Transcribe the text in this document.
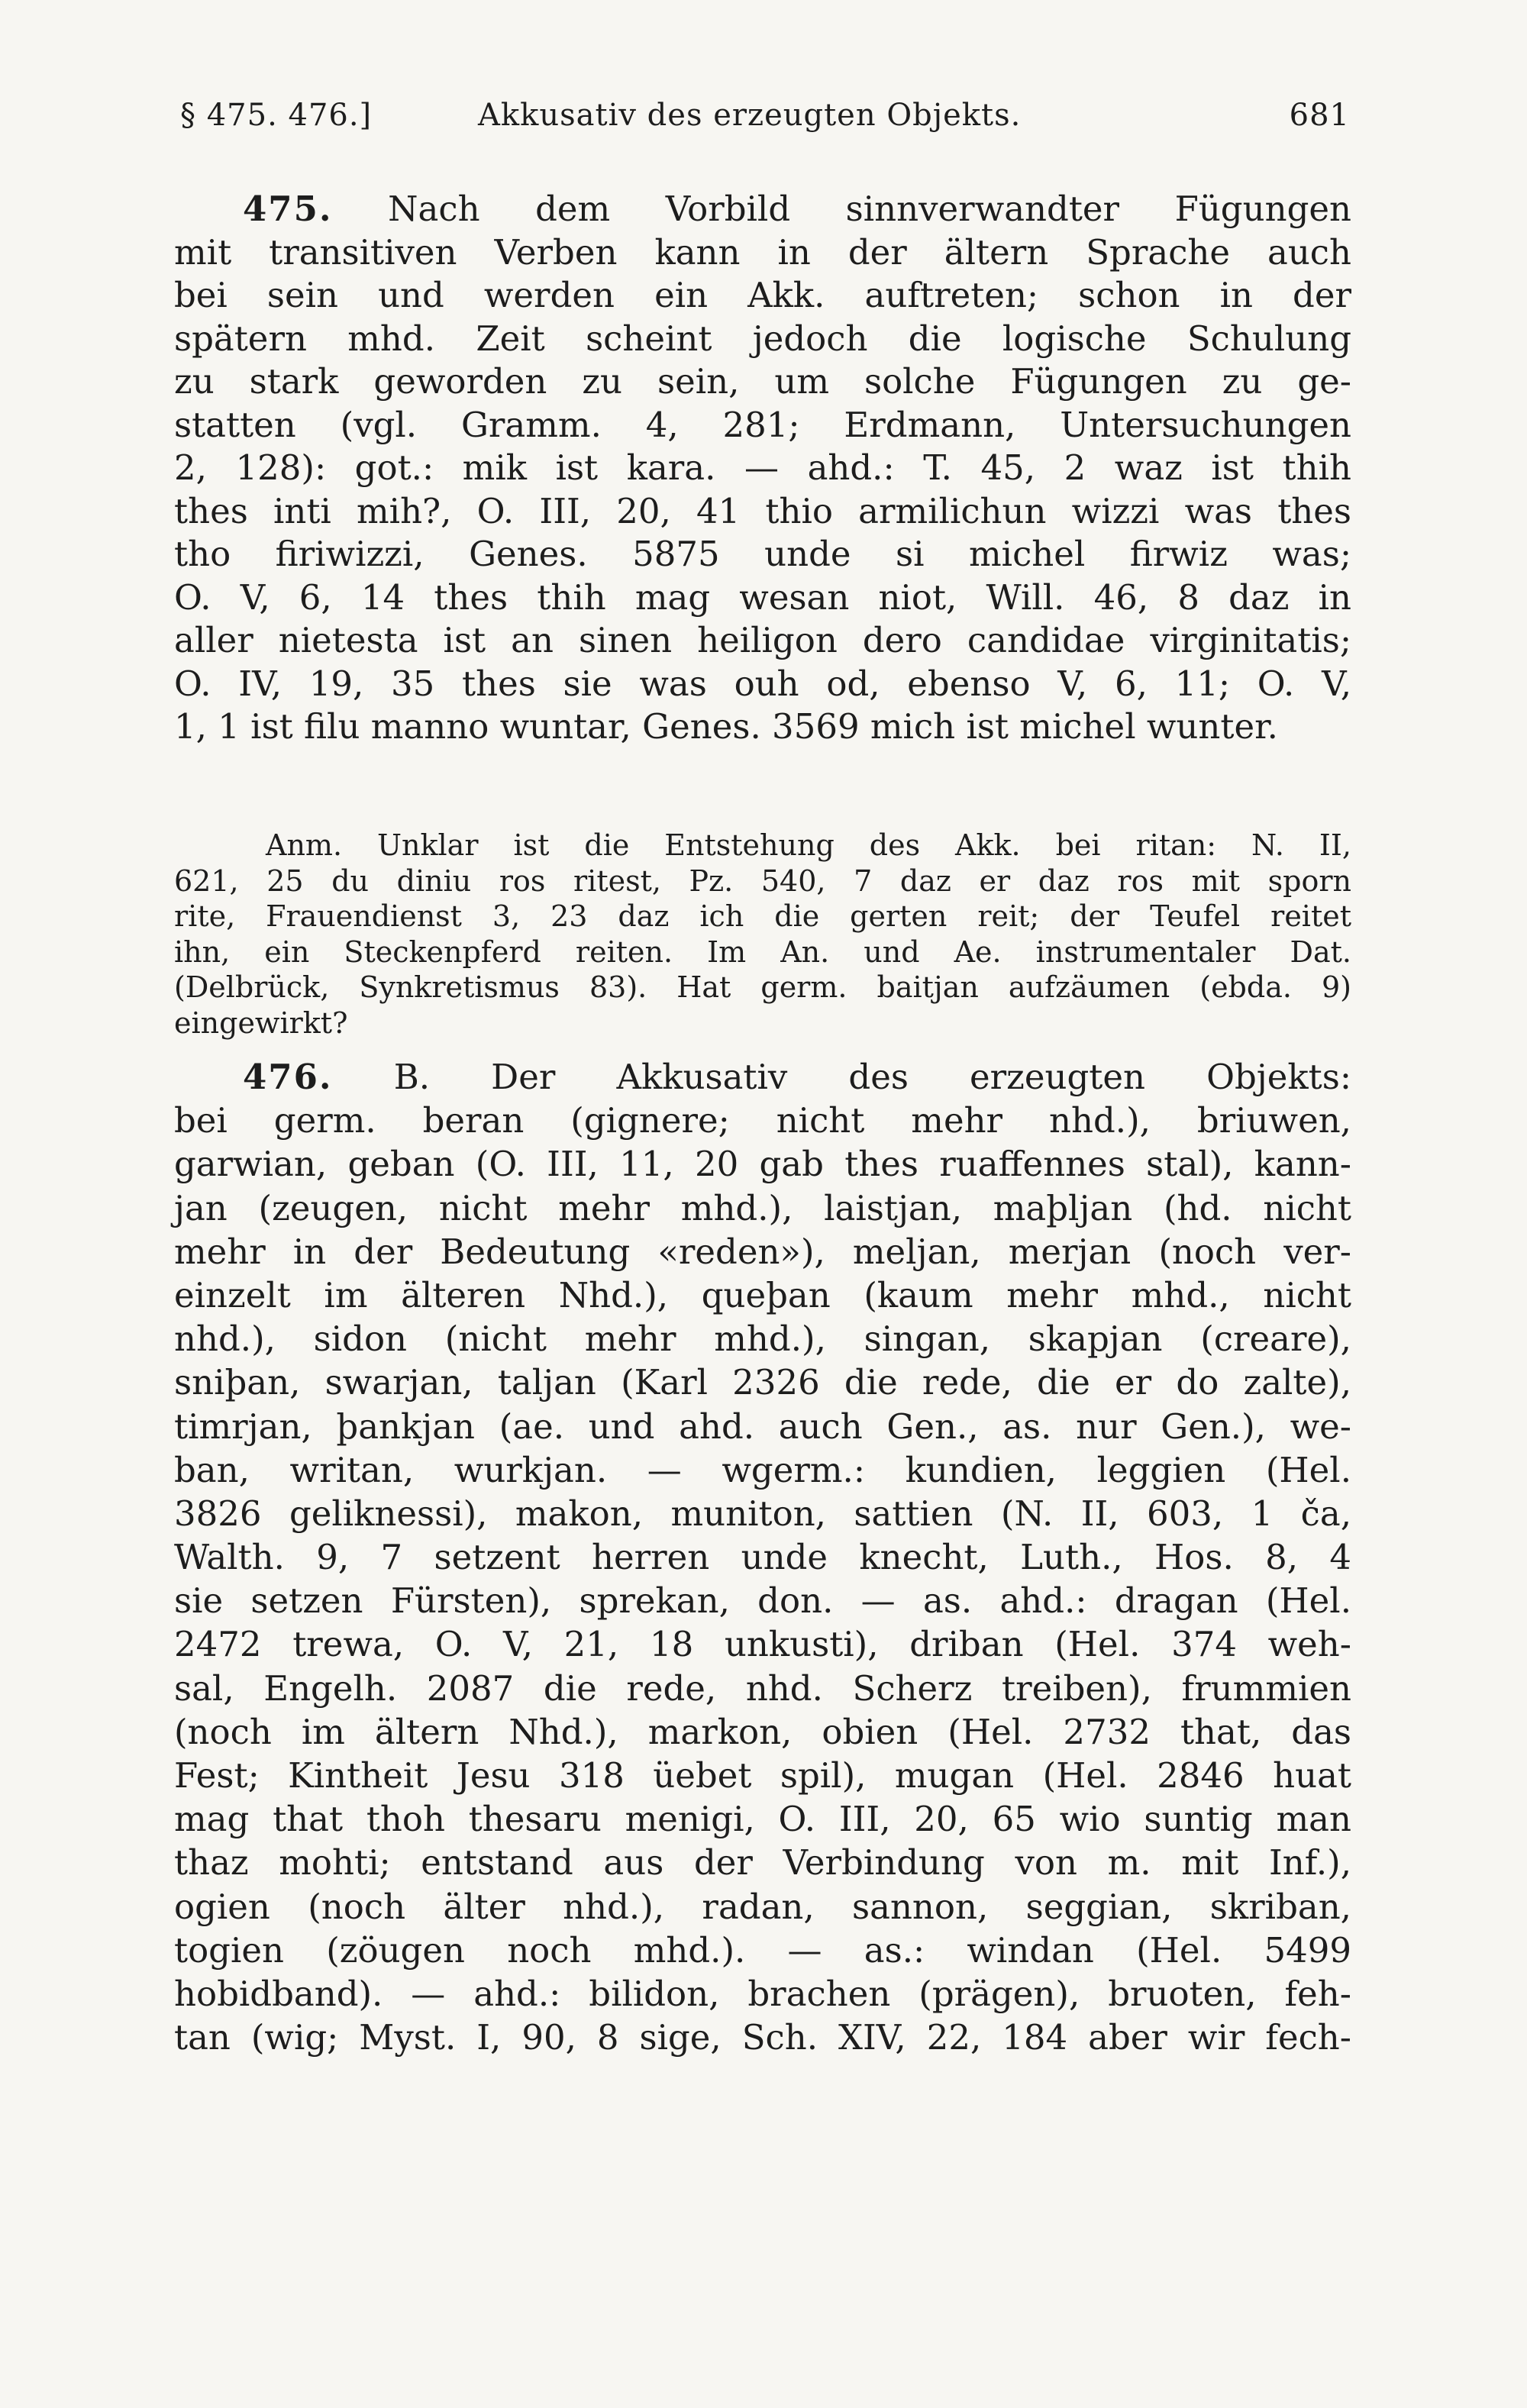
§ 475. 476.]	Akkusativ des erzeugten Objekts.	681
475. Nach dem Vorbild sinnverwandter Fügungen
mit transitiven Verben kann in der ältern Sprache auch
bei sein und werden ein Akk. auftreten; schon in der
spätern mhd. Zeit scheint jedoch die logische Schulung
zu stark geworden zu sein, um solche Fügungen zu ge-
statten (vgl. Gramm. 4, 281; Erdmann, Untersuchungen
2, 128): got.: mik ist kara. — ahd.: T. 45, 2 waz ist thih
thes inti mih?, O. III, 20, 41 thio armilichun wizzi was thes
tho firiwizzi, Genes. 5875 unde si michel firwiz was;
O. V, 6, 14 thes thih mag wesan niot, Will. 46, 8 daz in
aller nietesta ist an sinen heiligon dero candidae virginitatis;
O. IV, 19, 35 thes sie was ouh od, ebenso V, 6, 11; O. V,
1, 1 ist filu manno wuntar, Genes. 3569 mich ist michel wunter.
Anm. Unklar ist die Entstehung des Akk. bei ritan: N. II,
621, 25 du diniu ros ritest, Pz. 540, 7 daz er daz ros mit sporn
rite, Frauendienst 3, 23 daz ich die gerten reit; der Teufel reitet
ihn, ein Steckenpferd reiten. Im An. und Ae. instrumentaler Dat.
(Delbrück, Synkretismus 83). Hat germ. baitjan aufzäumen (ebda. 9)
eingewirkt?
476. B. Der Akkusativ des erzeugten Objekts:
bei germ. beran (gignere; nicht mehr nhd.), briuwen,
garwian, geban (O. III, 11, 20 gab thes ruaffennes stal), kann-
jan (zeugen, nicht mehr mhd.), laistjan, maþljan (hd. nicht
mehr in der Bedeutung «reden»), meljan, merjan (noch ver-
einzelt im älteren Nhd.), queþan (kaum mehr mhd., nicht
nhd.), sidon (nicht mehr mhd.), singan, skapjan (creare),
sniþan, swarjan, taljan (Karl 2326 die rede, die er do zalte),
timrjan, þankjan (ae. und ahd. auch Gen., as. nur Gen.), we-
ban, writan, wurkjan. — wgerm.: kundien, leggien (Hel.
3826 geliknessi), makon, muniton, sattien (N. II, 603, 1 ča,
Walth. 9, 7 setzent herren unde knecht, Luth., Hos. 8, 4
sie setzen Fürsten), sprekan, don. — as. ahd.: dragan (Hel.
2472 trewa, O. V, 21, 18 unkusti), driban (Hel. 374 weh-
sal, Engelh. 2087 die rede, nhd. Scherz treiben), frummien
(noch im ältern Nhd.), markon, obien (Hel. 2732 that, das
Fest; Kintheit Jesu 318 üebet spil), mugan (Hel. 2846 huat
mag that thoh thesaru menigi, O. III, 20, 65 wio suntig man
thaz mohti; entstand aus der Verbindung von m. mit Inf.),
ogien (noch älter nhd.), radan, sannon, seggian, skriban,
togien (zöugen noch mhd.). — as.: windan (Hel. 5499
hobidband). — ahd.: bilidon, brachen (prägen), bruoten, feh-
tan (wig; Myst. I, 90, 8 sige, Sch. XIV, 22, 184 aber wir fech-
